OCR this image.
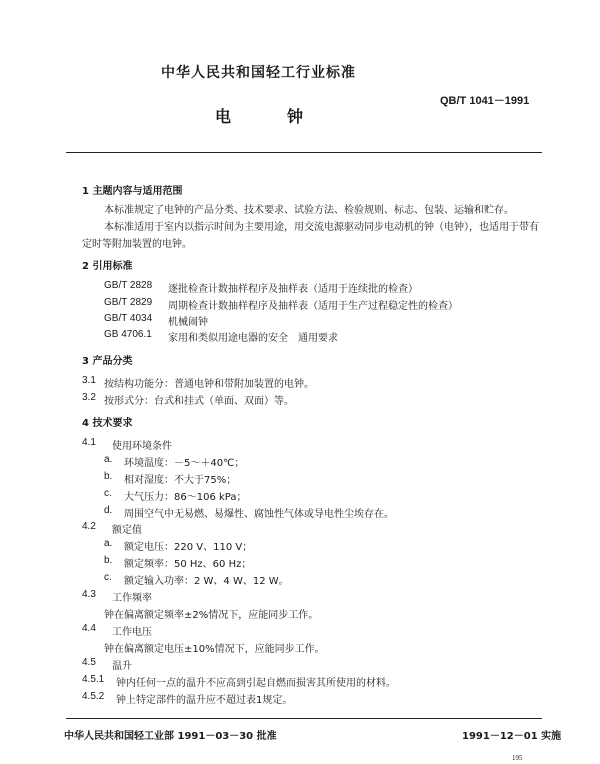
中华人民共和国轻工行业标准
QB/T 1041－1991
电	钟
1 主题内容与适用范围
本标准规定了电钟的产品分类、技术要求、试验方法、检验规则、标志、包装、运输和贮存。
本标准适用于室内以指示时间为主要用途，用交流电源驱动同步电动机的钟（电钟），也适用于带有
定时等附加装置的电钟。
2 引用标准
GB/T 2828 逐批检查计数抽样程序及抽样表（适用于连续批的检查）
GB/T 2829 周期检查计数抽样程序及抽样表（适用于生产过程稳定性的检查）
GB/T 4034 机械闹钟
GB 4706.1 家用和类似用途电器的安全　通用要求
3 产品分类
3.1 按结构功能分：普通电钟和带附加装置的电钟。
3.2 按形式分：台式和挂式（单面、双面）等。
4 技术要求
4.1 使用环境条件
a. 环境温度：－5～＋40℃；
b. 相对湿度：不大于75%；
c. 大气压力：86～106 kPa；
d. 周围空气中无易燃、易爆性、腐蚀性气体或导电性尘埃存在。
4.2 额定值
a. 额定电压：220 V、110 V；
b. 额定频率：50 Hz、60 Hz；
c. 额定输入功率：2 W、4 W、12 W。
4.3 工作频率
钟在偏离额定频率±2%情况下，应能同步工作。
4.4 工作电压
钟在偏离额定电压±10%情况下，应能同步工作。
4.5 温升
4.5.1 钟内任何一点的温升不应高到引起自燃而损害其所使用的材料。
4.5.2 钟上特定部件的温升应不超过表1规定。
中华人民共和国轻工业部 1991－03－30 批准	1991－12－01 实施
195
